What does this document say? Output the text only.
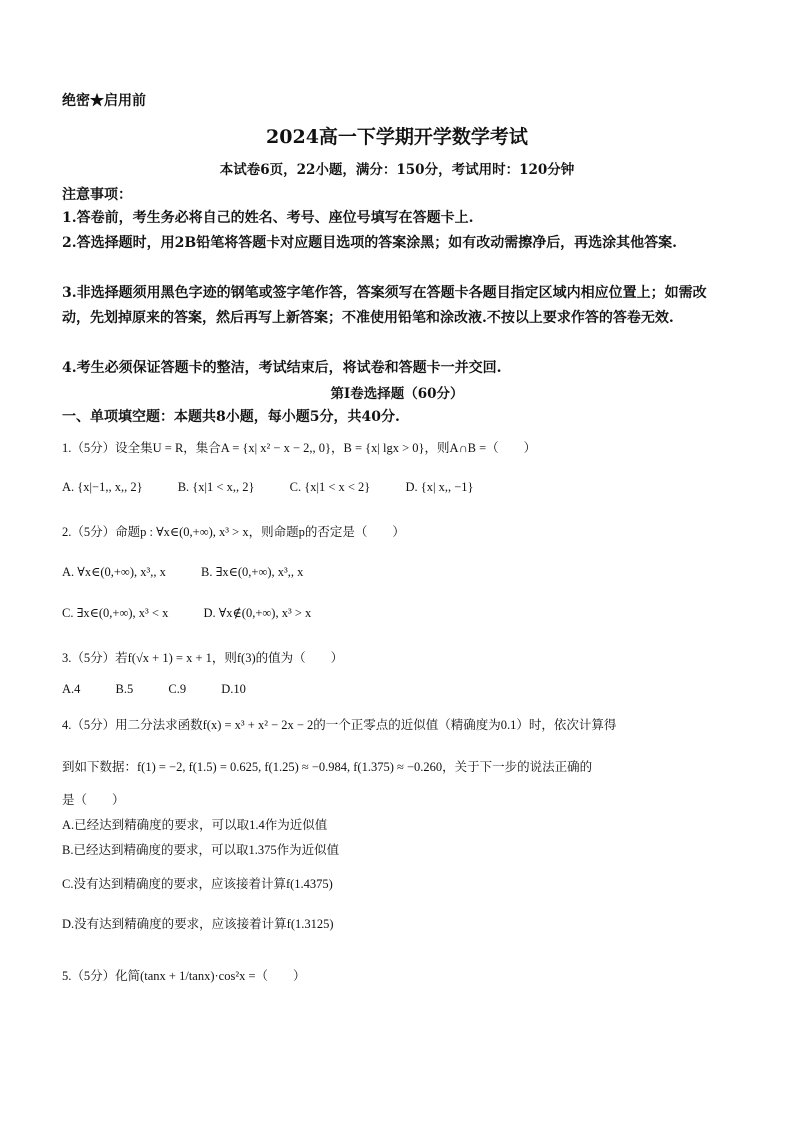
绝密★启用前
2024高一下学期开学数学考试
本试卷6页，22小题，满分：150分，考试用时：120分钟
注意事项：
1.答卷前，考生务必将自己的姓名、考号、座位号填写在答题卡上.
2.答选择题时，用2B铅笔将答题卡对应题目选项的答案涂黑；如有改动需擦净后，再选涂其他答案.
3.非选择题须用黑色字迹的钢笔或签字笔作答，答案须写在答题卡各题目指定区域内相应位置上；如需改动，先划掉原来的答案，然后再写上新答案；不准使用铅笔和涂改液.不按以上要求作答的答卷无效.
4.考生必须保证答题卡的整洁，考试结束后，将试卷和答题卡一并交回.
第Ⅰ卷选择题（60分）
一、单项填空题：本题共8小题，每小题5分，共40分.
1.（5分）设全集U = R，集合A = {x| x² − x − 2,, 0}，B = {x| lgx > 0}，则A∩B =（　　）
A. {x|−1,, x,, 2}	B. {x|1 < x,, 2}	C. {x|1 < x < 2}	D. {x| x,, −1}
2.（5分）命题p : ∀x∈(0,+∞), x³ > x，则命题p的否定是（　　）
A. ∀x∈(0,+∞), x³,, x	B. ∃x∈(0,+∞), x³,, x
C. ∃x∈(0,+∞), x³ < x	D. ∀x∉(0,+∞), x³ > x
3.（5分）若f(√x + 1) = x + 1，则f(3)的值为（　　）
A.4	B.5	C.9	D.10
4.（5分）用二分法求函数f(x) = x³ + x² − 2x − 2的一个正零点的近似值（精确度为0.1）时，依次计算得
到如下数据：f(1) = −2, f(1.5) = 0.625, f(1.25) ≈ −0.984, f(1.375) ≈ −0.260，关于下一步的说法正确的
是（　　）
A.已经达到精确度的要求，可以取1.4作为近似值
B.已经达到精确度的要求，可以取1.375作为近似值
C.没有达到精确度的要求，应该接着计算f(1.4375)
D.没有达到精确度的要求，应该接着计算f(1.3125)
5.（5分）化简(tanx + 1/tanx)·cos²x =（　　）
